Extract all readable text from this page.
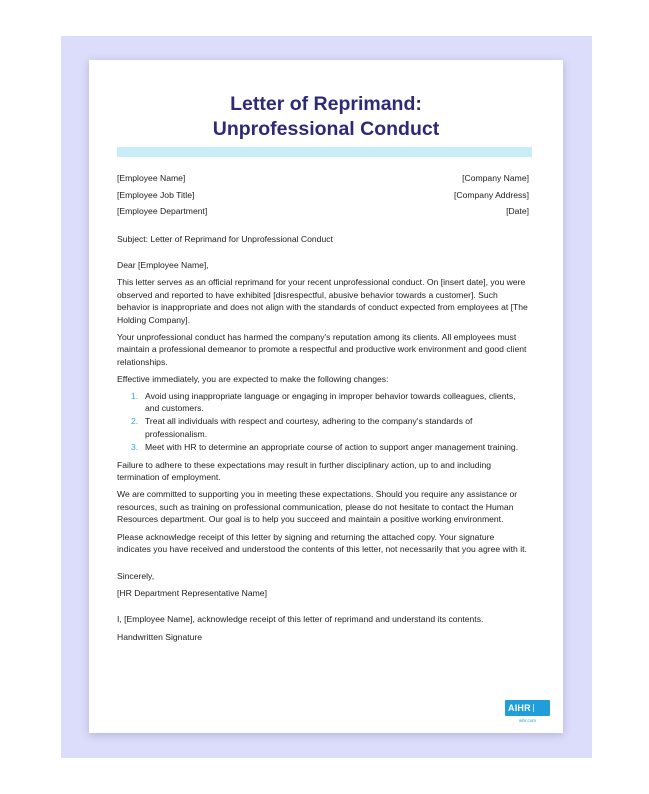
Letter of Reprimand:
Unprofessional Conduct
[Employee Name]	[Company Name]
[Employee Job Title]	[Company Address]
[Employee Department]	[Date]

Subject: Letter of Reprimand for Unprofessional Conduct

Dear [Employee Name],

This letter serves as an official reprimand for your recent unprofessional conduct. On [insert date], you were observed and reported to have exhibited [disrespectful, abusive behavior towards a customer]. Such behavior is inappropriate and does not align with the standards of conduct expected from employees at [The Holding Company].

Your unprofessional conduct has harmed the company's reputation among its clients. All employees must maintain a professional demeanor to promote a respectful and productive work environment and good client relationships.

Effective immediately, you are expected to make the following changes:

1. Avoid using inappropriate language or engaging in improper behavior towards colleagues, clients, and customers.
2. Treat all individuals with respect and courtesy, adhering to the company's standards of professionalism.
3. Meet with HR to determine an appropriate course of action to support anger management training.

Failure to adhere to these expectations may result in further disciplinary action, up to and including termination of employment.

We are committed to supporting you in meeting these expectations. Should you require any assistance or resources, such as training on professional communication, please do not hesitate to contact the Human Resources department. Our goal is to help you succeed and maintain a positive working environment.

Please acknowledge receipt of this letter by signing and returning the attached copy. Your signature indicates you have received and understood the contents of this letter, not necessarily that you agree with it.

Sincerely,

[HR Department Representative Name]

I, [Employee Name], acknowledge receipt of this letter of reprimand and understand its contents.

Handwritten Signature

AIHR
aihr.com
